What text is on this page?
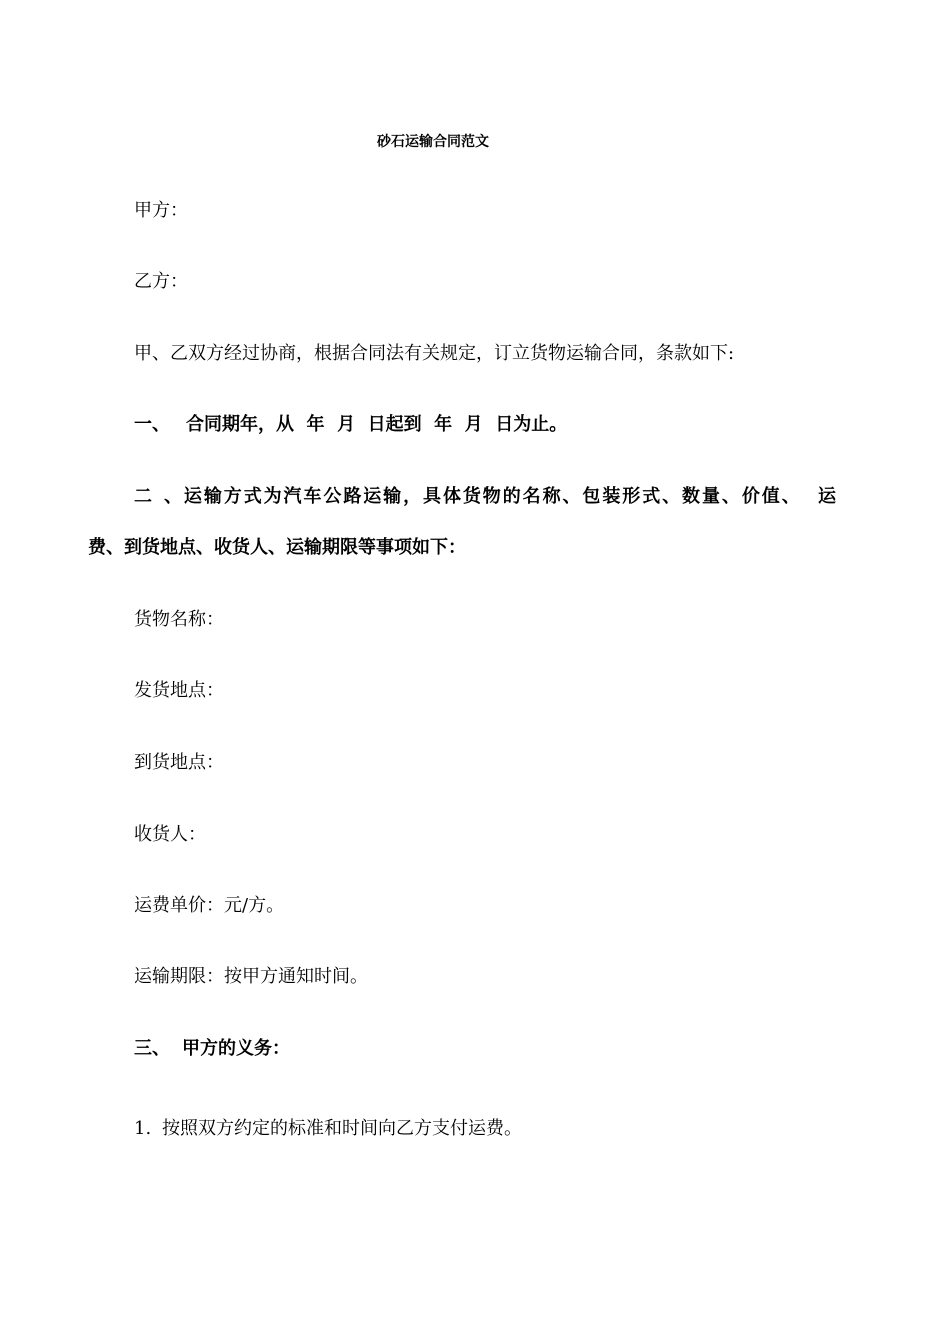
砂石运输合同范文
甲方：
乙方：
甲、乙双方经过协商，根据合同法有关规定，订立货物运输合同，条款如下:
一、 合同期年，从  年  月  日起到  年  月  日为止。
二、运输方式为汽车公路运输，具体货物的名称、包装形式、数量、价值、  运
费、到货地点、收货人、运输期限等事项如下：
货物名称：
发货地点：
到货地点：
收货人：
运费单价：元/方。
运输期限：按甲方通知时间。
三、 甲方的义务：
1. 按照双方约定的标准和时间向乙方支付运费。
